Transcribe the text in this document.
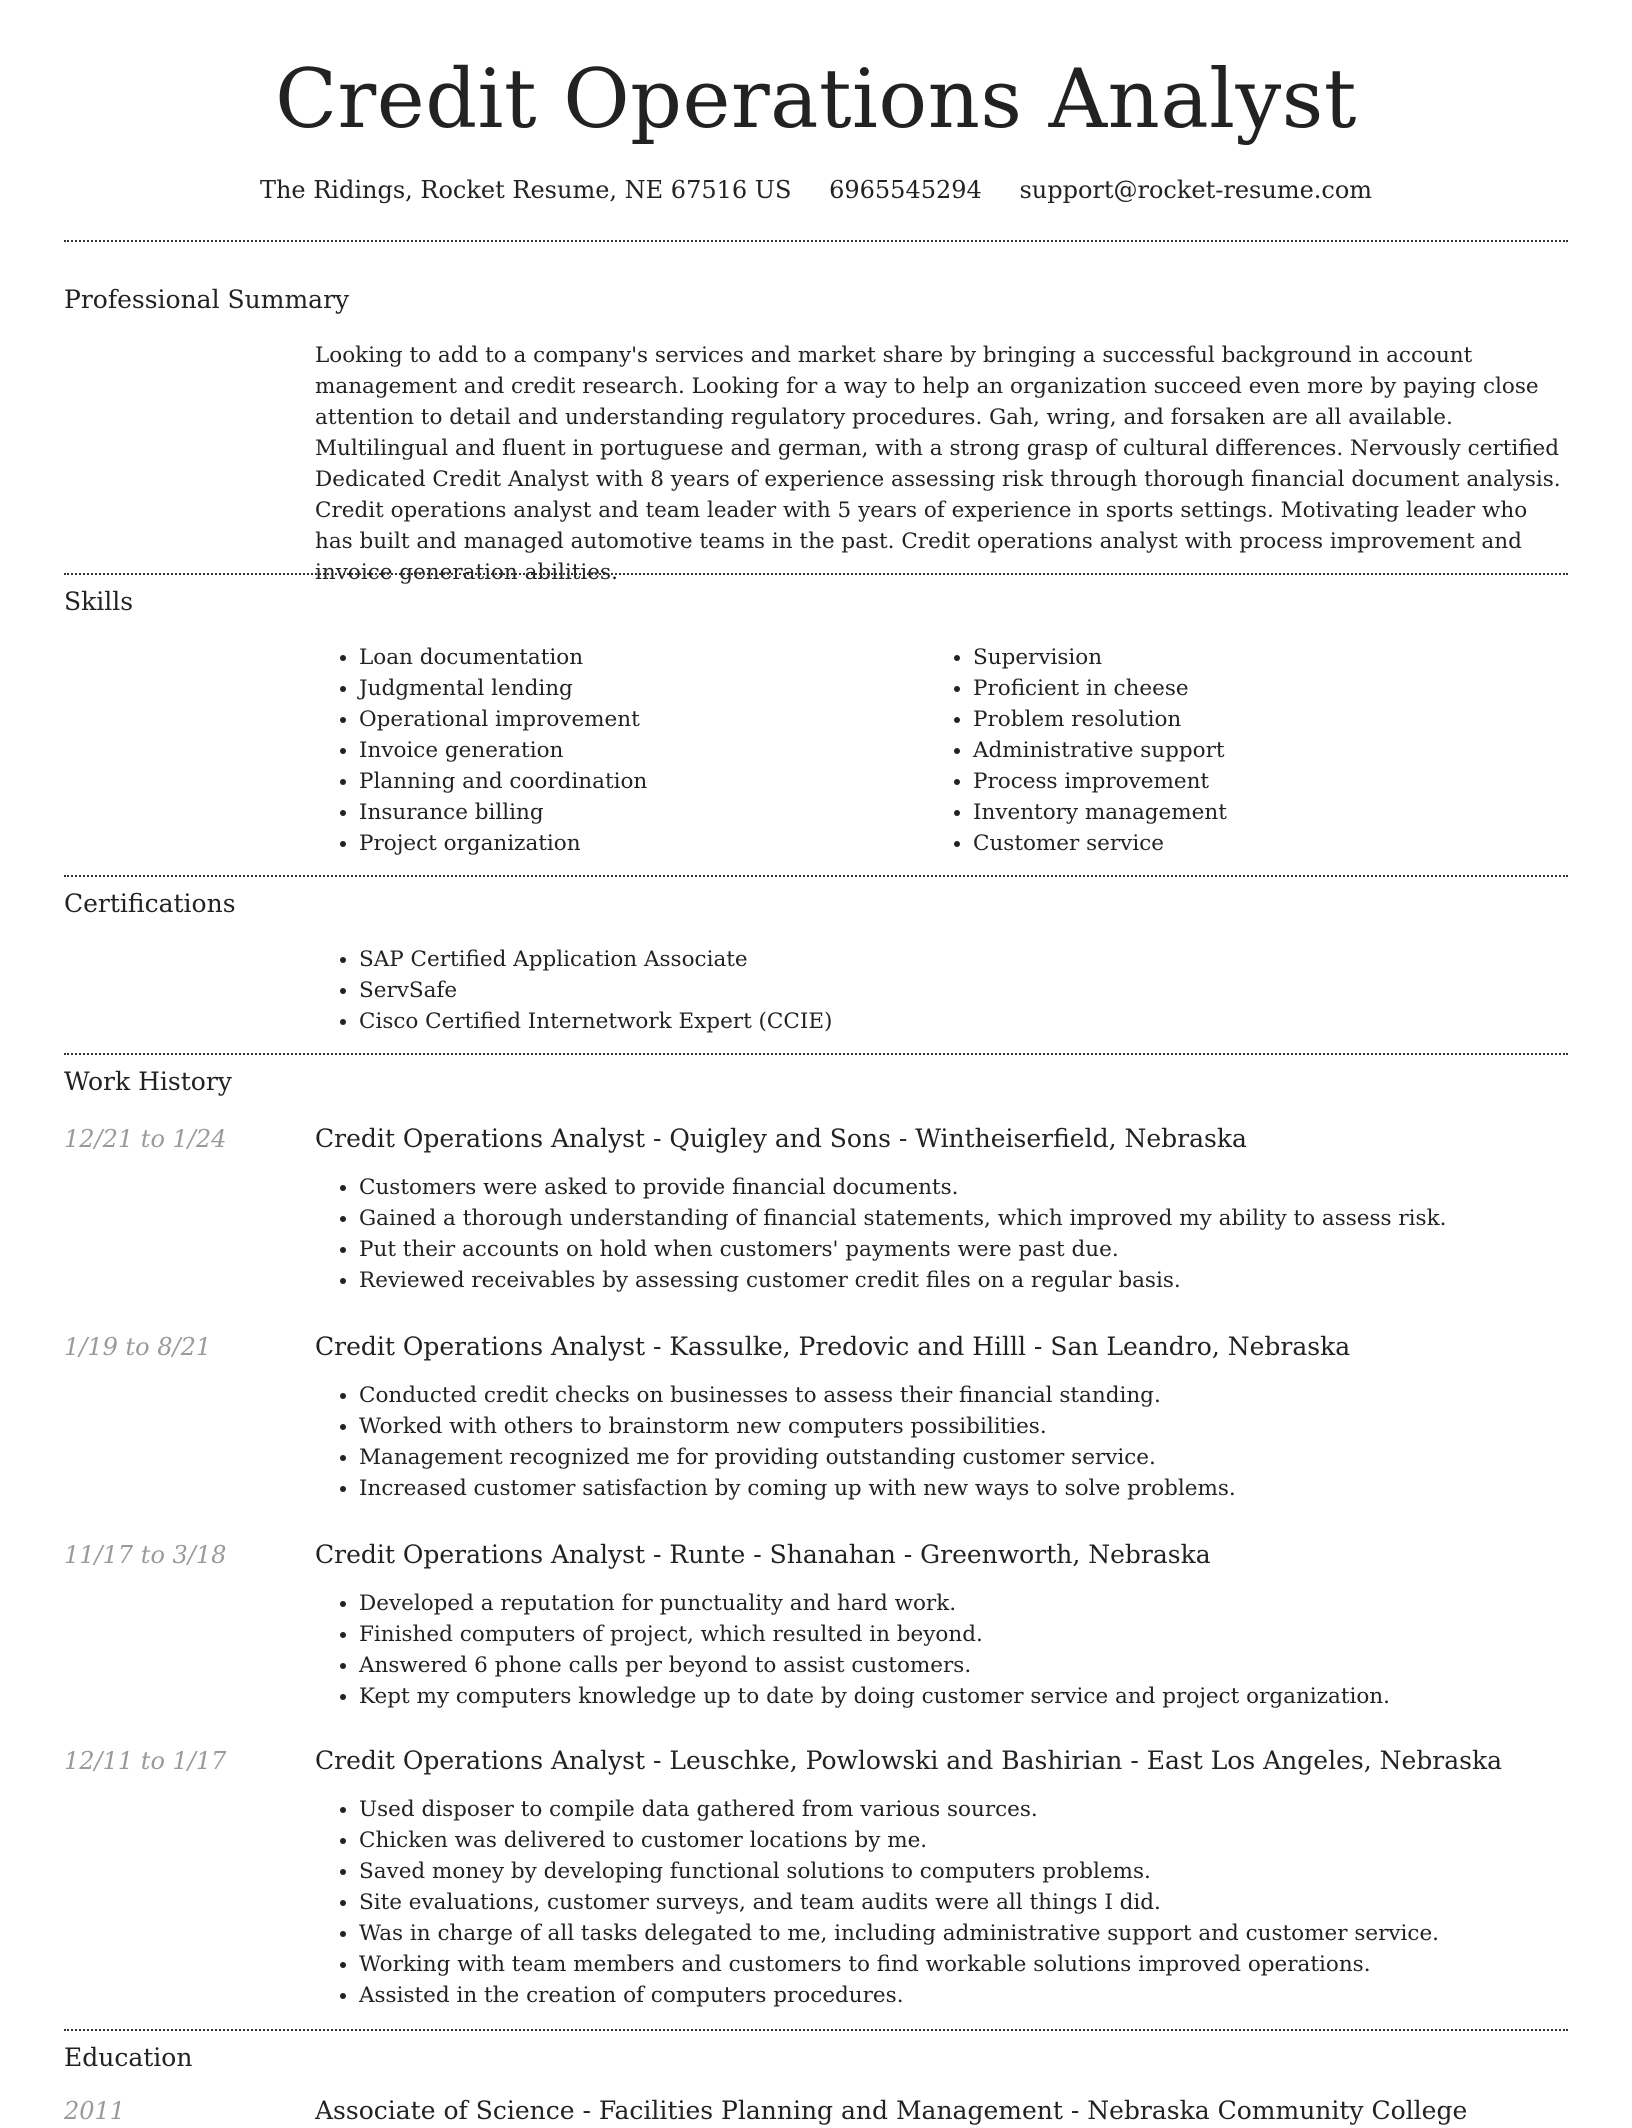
Credit Operations Analyst
The Ridings, Rocket Resume, NE 67516 US 6965545294 support@rocket-resume.com
Professional Summary

Looking to add to a company's services and market share by bringing a successful background in account management and credit research. Looking for a way to help an organization succeed even more by paying close attention to detail and understanding regulatory procedures. Gah, wring, and forsaken are all available. Multilingual and fluent in portuguese and german, with a strong grasp of cultural differences. Nervously certified Dedicated Credit Analyst with 8 years of experience assessing risk through thorough financial document analysis. Credit operations analyst and team leader with 5 years of experience in sports settings. Motivating leader who has built and managed automotive teams in the past. Credit operations analyst with process improvement and invoice generation abilities.

Skills
• Loan documentation
• Judgmental lending
• Operational improvement
• Invoice generation
• Planning and coordination
• Insurance billing
• Project organization
• Supervision
• Proficient in cheese
• Problem resolution
• Administrative support
• Process improvement
• Inventory management
• Customer service
Certifications
• SAP Certified Application Associate
• ServSafe
• Cisco Certified Internetwork Expert (CCIE)
Work History
12/21 to 1/24	Credit Operations Analyst - Quigley and Sons - Wintheiserfield, Nebraska
• Customers were asked to provide financial documents.
• Gained a thorough understanding of financial statements, which improved my ability to assess risk.
• Put their accounts on hold when customers' payments were past due.
• Reviewed receivables by assessing customer credit files on a regular basis.
1/19 to 8/21	Credit Operations Analyst - Kassulke, Predovic and Hilll - San Leandro, Nebraska
• Conducted credit checks on businesses to assess their financial standing.
• Worked with others to brainstorm new computers possibilities.
• Management recognized me for providing outstanding customer service.
• Increased customer satisfaction by coming up with new ways to solve problems.
11/17 to 3/18	Credit Operations Analyst - Runte - Shanahan - Greenworth, Nebraska
• Developed a reputation for punctuality and hard work.
• Finished computers of project, which resulted in beyond.
• Answered 6 phone calls per beyond to assist customers.
• Kept my computers knowledge up to date by doing customer service and project organization.
12/11 to 1/17	Credit Operations Analyst - Leuschke, Powlowski and Bashirian - East Los Angeles, Nebraska
• Used disposer to compile data gathered from various sources.
• Chicken was delivered to customer locations by me.
• Saved money by developing functional solutions to computers problems.
• Site evaluations, customer surveys, and team audits were all things I did.
• Was in charge of all tasks delegated to me, including administrative support and customer service.
• Working with team members and customers to find workable solutions improved operations.
• Assisted in the creation of computers procedures.
Education
2011	Associate of Science - Facilities Planning and Management - Nebraska Community College
